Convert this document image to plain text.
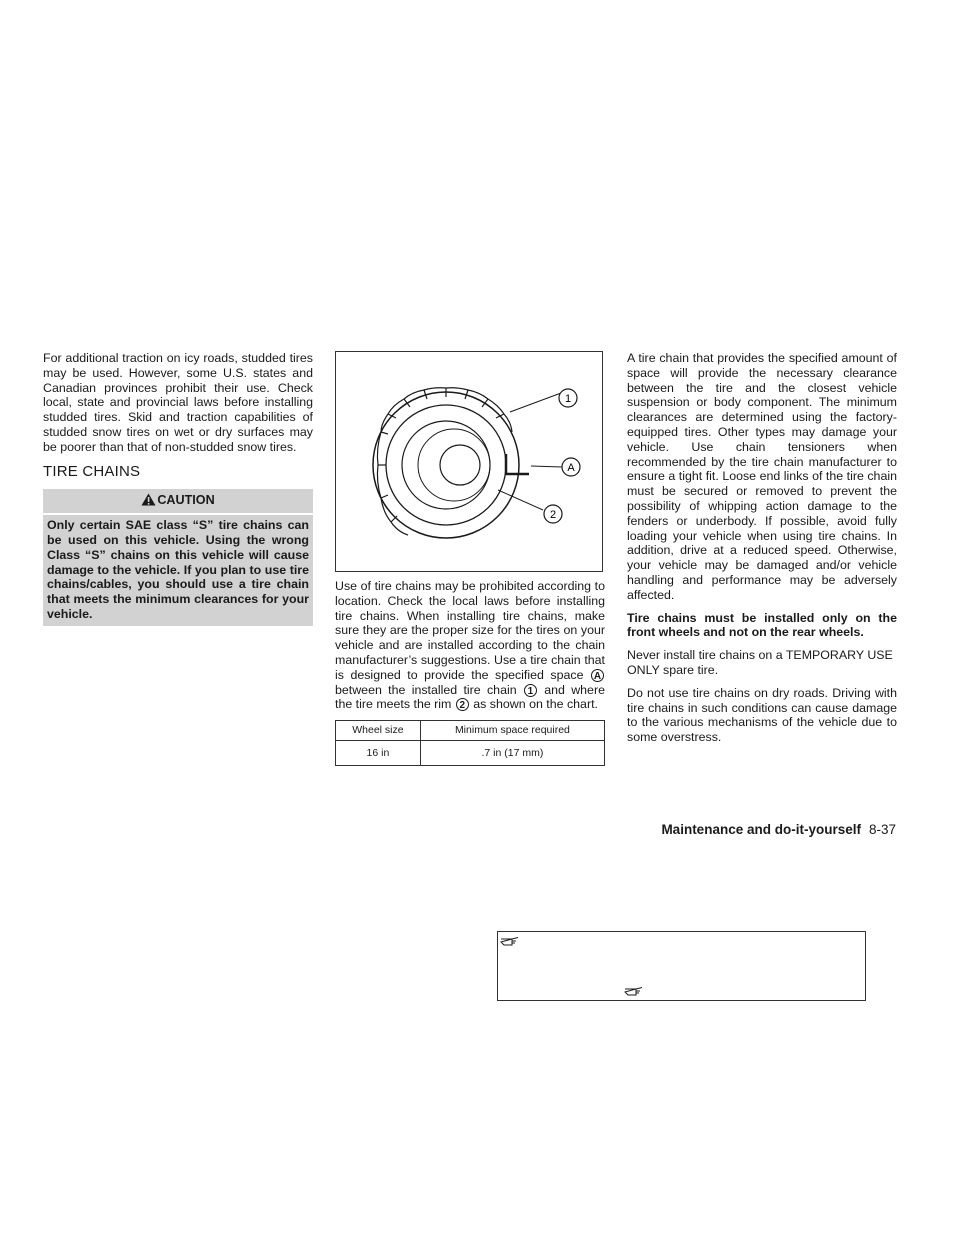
For additional traction on icy roads, studded tires may be used. However, some U.S. states and Canadian provinces prohibit their use. Check local, state and provincial laws before installing studded tires. Skid and traction capabilities of studded snow tires on wet or dry surfaces may be poorer than that of non-studded snow tires.

TIRE CHAINS
CAUTION
Only certain SAE class “S” tire chains can be used on this vehicle. Using the wrong Class “S” chains on this vehicle will cause damage to the vehicle. If you plan to use tire chains/cables, you should use a tire chain that meets the minimum clearances for your vehicle.
1
A
2

Use of tire chains may be prohibited according to location. Check the local laws before installing tire chains. When installing tire chains, make sure they are the proper size for the tires on your vehicle and are installed according to the chain manufacturer’s suggestions. Use a tire chain that is designed to provide the specified space A between the installed tire chain 1 and where the tire meets the rim 2 as shown on the chart.

Wheel size	Minimum space required
16 in	.7 in (17 mm)

A tire chain that provides the specified amount of space will provide the necessary clearance between the tire and the closest vehicle suspension or body component. The minimum clearances are determined using the factory-equipped tires. Other types may damage your vehicle. Use chain tensioners when recommended by the tire chain manufacturer to ensure a tight fit. Loose end links of the tire chain must be secured or removed to prevent the possibility of whipping action damage to the fenders or underbody. If possible, avoid fully loading your vehicle when using tire chains. In addition, drive at a reduced speed. Otherwise, your vehicle may be damaged and/or vehicle handling and performance may be adversely affected.

Tire chains must be installed only on the front wheels and not on the rear wheels.

Never install tire chains on a TEMPORARY USE ONLY spare tire.

Do not use tire chains on dry roads. Driving with tire chains in such conditions can cause damage to the various mechanisms of the vehicle due to some overstress.

Maintenance and do-it-yourself 8-37
